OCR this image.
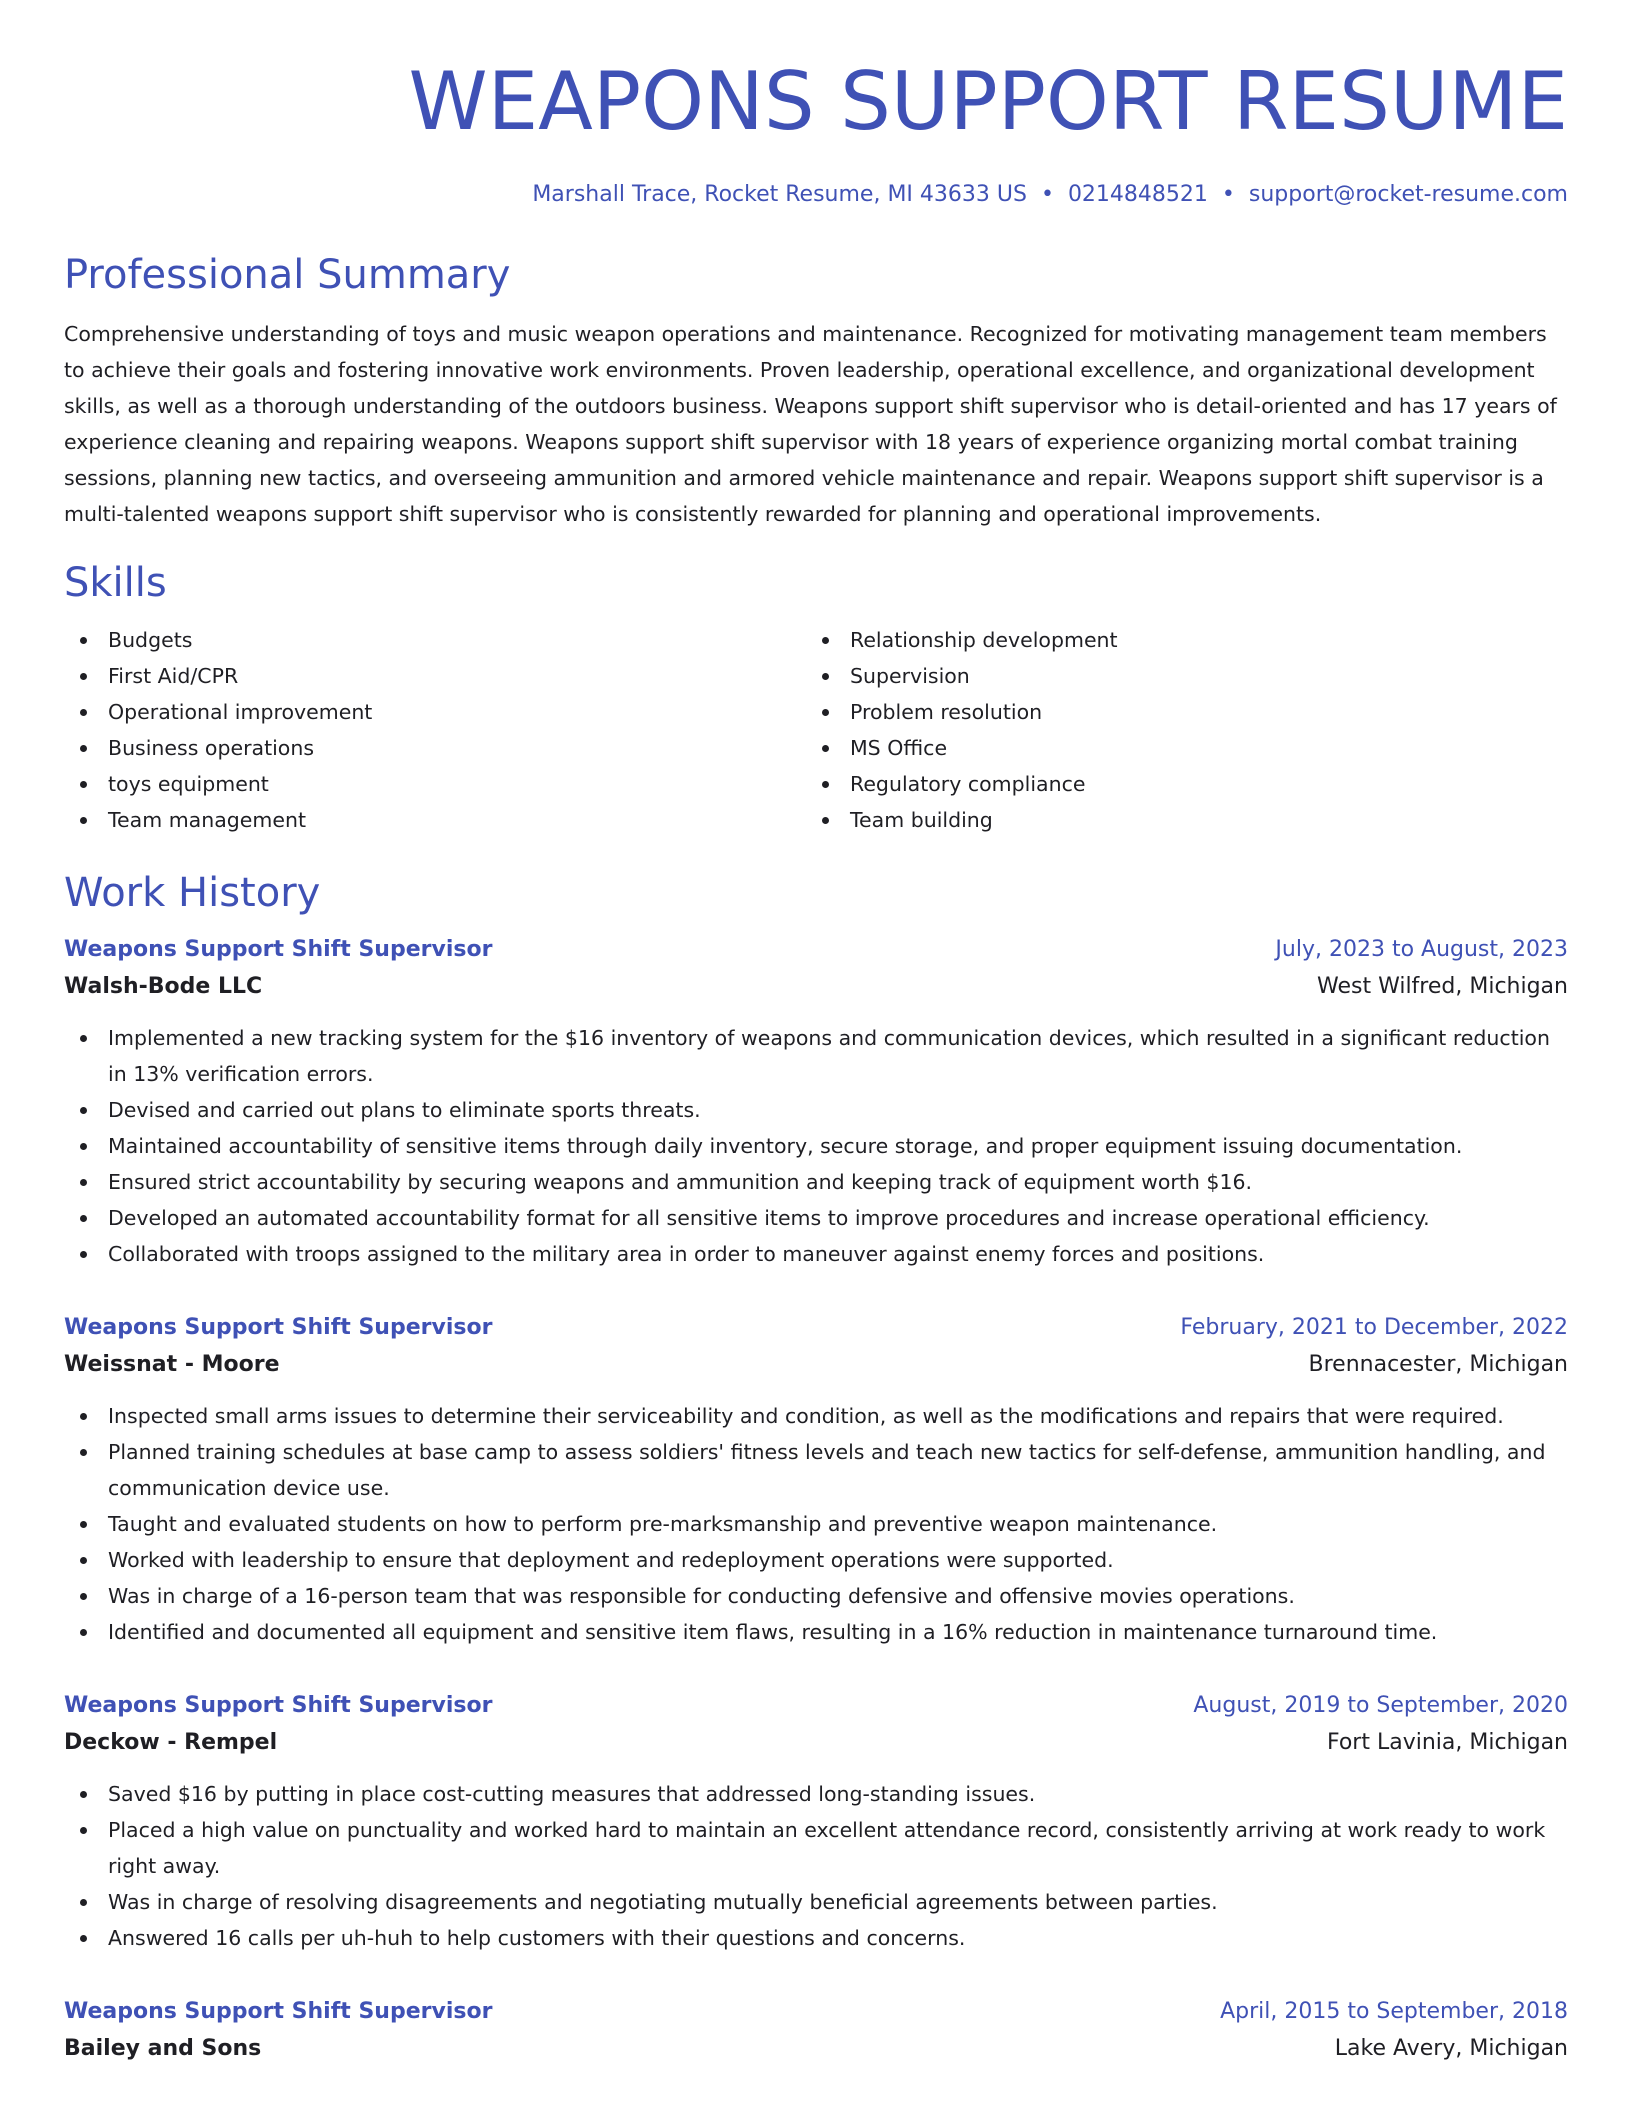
WEAPONS SUPPORT RESUME
Marshall Trace, Rocket Resume, MI 43633 US • 0214848521 • support@rocket-resume.com
Professional Summary

Comprehensive understanding of toys and music weapon operations and maintenance. Recognized for motivating management team members to achieve their goals and fostering innovative work environments. Proven leadership, operational excellence, and organizational development skills, as well as a thorough understanding of the outdoors business. Weapons support shift supervisor who is detail-oriented and has 17 years of experience cleaning and repairing weapons. Weapons support shift supervisor with 18 years of experience organizing mortal combat training sessions, planning new tactics, and overseeing ammunition and armored vehicle maintenance and repair. Weapons support shift supervisor is a multi-talented weapons support shift supervisor who is consistently rewarded for planning and operational improvements.

Skills
Budgets
First Aid/CPR
Operational improvement
Business operations
toys equipment
Team management
Relationship development
Supervision
Problem resolution
MS Office
Regulatory compliance
Team building
Work History
Weapons Support Shift Supervisor	July, 2023 to August, 2023
Walsh-Bode LLC	West Wilfred, Michigan
Implemented a new tracking system for the $16 inventory of weapons and communication devices, which resulted in a significant reduction in 13% verification errors.
Devised and carried out plans to eliminate sports threats.
Maintained accountability of sensitive items through daily inventory, secure storage, and proper equipment issuing documentation.
Ensured strict accountability by securing weapons and ammunition and keeping track of equipment worth $16.
Developed an automated accountability format for all sensitive items to improve procedures and increase operational efficiency.
Collaborated with troops assigned to the military area in order to maneuver against enemy forces and positions.
Weapons Support Shift Supervisor	February, 2021 to December, 2022
Weissnat - Moore	Brennacester, Michigan
Inspected small arms issues to determine their serviceability and condition, as well as the modifications and repairs that were required.
Planned training schedules at base camp to assess soldiers' fitness levels and teach new tactics for self-defense, ammunition handling, and communication device use.
Taught and evaluated students on how to perform pre-marksmanship and preventive weapon maintenance.
Worked with leadership to ensure that deployment and redeployment operations were supported.
Was in charge of a 16-person team that was responsible for conducting defensive and offensive movies operations.
Identified and documented all equipment and sensitive item flaws, resulting in a 16% reduction in maintenance turnaround time.
Weapons Support Shift Supervisor	August, 2019 to September, 2020
Deckow - Rempel	Fort Lavinia, Michigan
Saved $16 by putting in place cost-cutting measures that addressed long-standing issues.
Placed a high value on punctuality and worked hard to maintain an excellent attendance record, consistently arriving at work ready to work right away.
Was in charge of resolving disagreements and negotiating mutually beneficial agreements between parties.
Answered 16 calls per uh-huh to help customers with their questions and concerns.
Weapons Support Shift Supervisor	April, 2015 to September, 2018
Bailey and Sons	Lake Avery, Michigan
